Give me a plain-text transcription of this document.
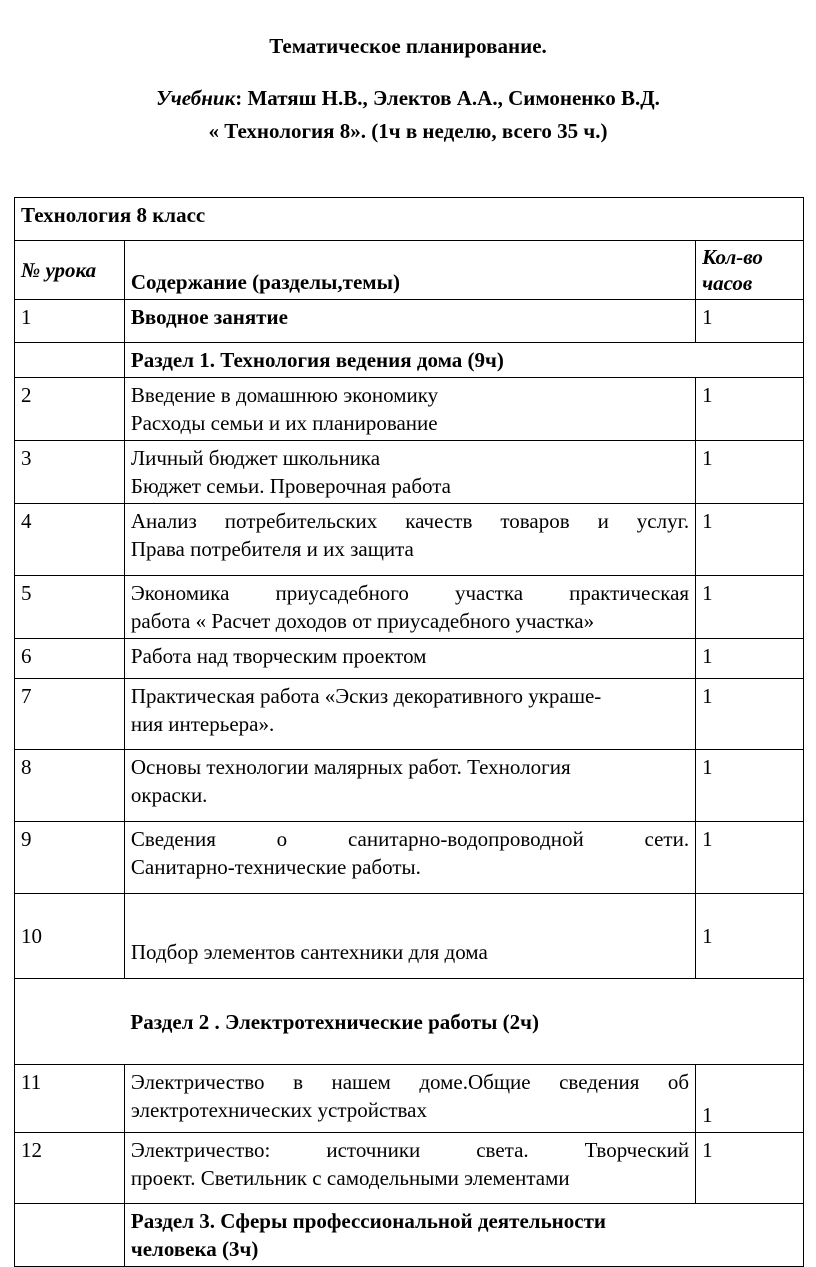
Тематическое планирование.
Учебник: Матяш Н.В., Электов А.А., Симоненко В.Д.
« Технология 8». (1ч в неделю, всего 35 ч.)
Технология 8 класс		
№ урока	Содержание (разделы,темы)	Кол-во часов
1	Вводное занятие	1
	Раздел 1. Технология ведения дома (9ч)	
2	Введение в домашнюю экономику
Расходы семьи и их планирование	1
3	Личный бюджет школьника
Бюджет семьи. Проверочная работа	1
4	Анализ потребительских качеств товаров и услуг.
Права потребителя и их защита	1
5	Экономика приусадебного участка практическая
работа « Расчет доходов от приусадебного участка»	1
6	Работа над творческим проектом	1
7	Практическая работа «Эскиз декоративного украше-
ния интерьера».	1
8	Основы технологии малярных работ. Технология
окраски.	1
9	Сведения о санитарно-водопроводной сети.
Санитарно-технические работы.	1
10	Подбор элементов сантехники для дома	1
	Раздел 2 . Электротехнические работы (2ч)	
11	Электричество в нашем доме.Общие сведения об
электротехнических устройствах	1
12	Электричество: источники света. Творческий
проект. Светильник с самодельными элементами	1

	Раздел 3. Сферы профессиональной деятельности
человека (3ч)	
